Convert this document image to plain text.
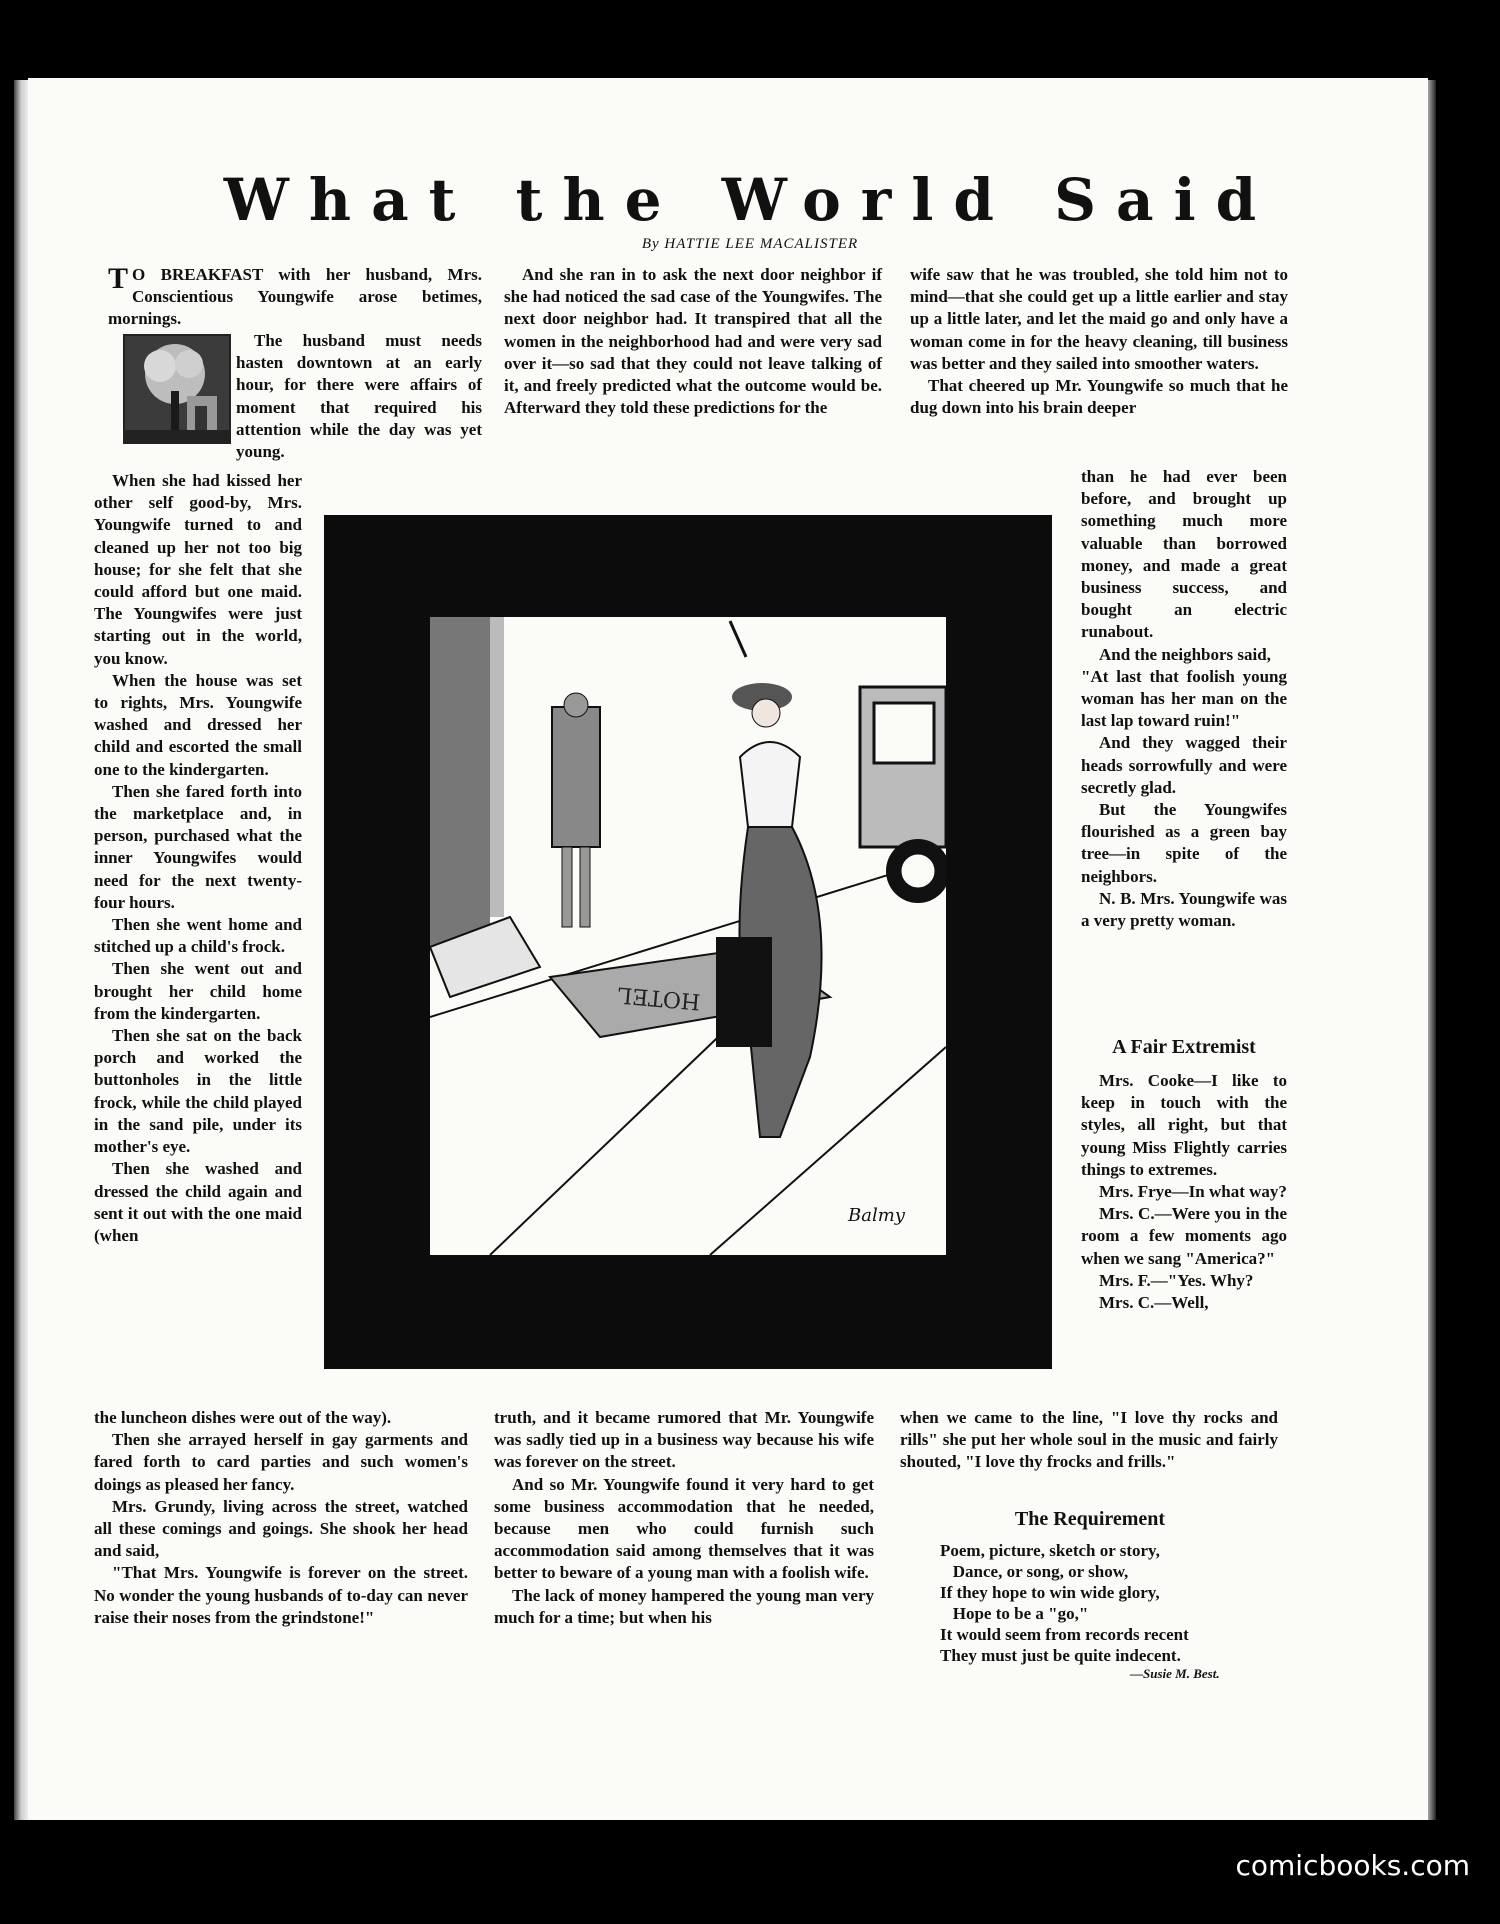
What the World Said
By HATTIE LEE MACALISTER

T O BREAKFAST with her husband, Mrs. Conscientious Youngwife arose betimes, mornings.

The husband must needs hasten downtown at an early hour, for there were affairs of moment that required his attention while the day was yet young.

When she had kissed her other self good-by, Mrs. Youngwife turned to and cleaned up her not too big house; for she felt that she could afford but one maid. The Youngwifes were just starting out in the world, you know.

When the house was set to rights, Mrs. Youngwife washed and dressed her child and escorted the small one to the kindergarten.

Then she fared forth into the marketplace and, in person, purchased what the inner Youngwifes would need for the next twenty-four hours.

Then she went home and stitched up a child's frock.

Then she went out and brought her child home from the kindergarten.

Then she sat on the back porch and worked the buttonholes in the little frock, while the child played in the sand pile, under its mother's eye.

Then she washed and dressed the child again and sent it out with the one maid (when

the luncheon dishes were out of the way).

Then she arrayed herself in gay garments and fared forth to card parties and such women's doings as pleased her fancy.

Mrs. Grundy, living across the street, watched all these comings and goings. She shook her head and said,

"That Mrs. Youngwife is forever on the street. No wonder the young husbands of to-day can never raise their noses from the grindstone!"

And she ran in to ask the next door neighbor if she had noticed the sad case of the Youngwifes. The next door neighbor had. It transpired that all the women in the neighborhood had and were very sad over it—so sad that they could not leave talking of it, and freely predicted what the outcome would be. Afterward they told these predictions for the

truth, and it became rumored that Mr. Youngwife was sadly tied up in a business way because his wife was forever on the street.

And so Mr. Youngwife found it very hard to get some business accommodation that he needed, because men who could furnish such accommodation said among themselves that it was better to beware of a young man with a foolish wife.

The lack of money hampered the young man very much for a time; but when his

wife saw that he was troubled, she told him not to mind—that she could get up a little earlier and stay up a little later, and let the maid go and only have a woman come in for the heavy cleaning, till business was better and they sailed into smoother waters.

That cheered up Mr. Youngwife so much that he dug down into his brain deeper

than he had ever been before, and brought up something much more valuable than borrowed money, and made a great business success, and bought an electric runabout.

And the neighbors said,

"At last that foolish young woman has her man on the last lap toward ruin!"

And they wagged their heads sorrowfully and were secretly glad.

But the Youngwifes flourished as a green bay tree—in spite of the neighbors.

N. B. Mrs. Youngwife was a very pretty woman.

A Fair Extremist

Mrs. Cooke—I like to keep in touch with the styles, all right, but that young Miss Flightly carries things to extremes.

Mrs. Frye—In what way?

Mrs. C.—Were you in the room a few moments ago when we sang "America?"

Mrs. F.—"Yes. Why?

Mrs. C.—Well,

when we came to the line, "I love thy rocks and rills" she put her whole soul in the music and fairly shouted, "I love thy frocks and frills."

The Requirement
Poem, picture, sketch or story,
Dance, or song, or show,
If they hope to win wide glory,
Hope to be a "go,"
It would seem from records recent
They must just be quite indecent.
—Susie M. Best.
HOTEL
Balmy
comicbooks.com
